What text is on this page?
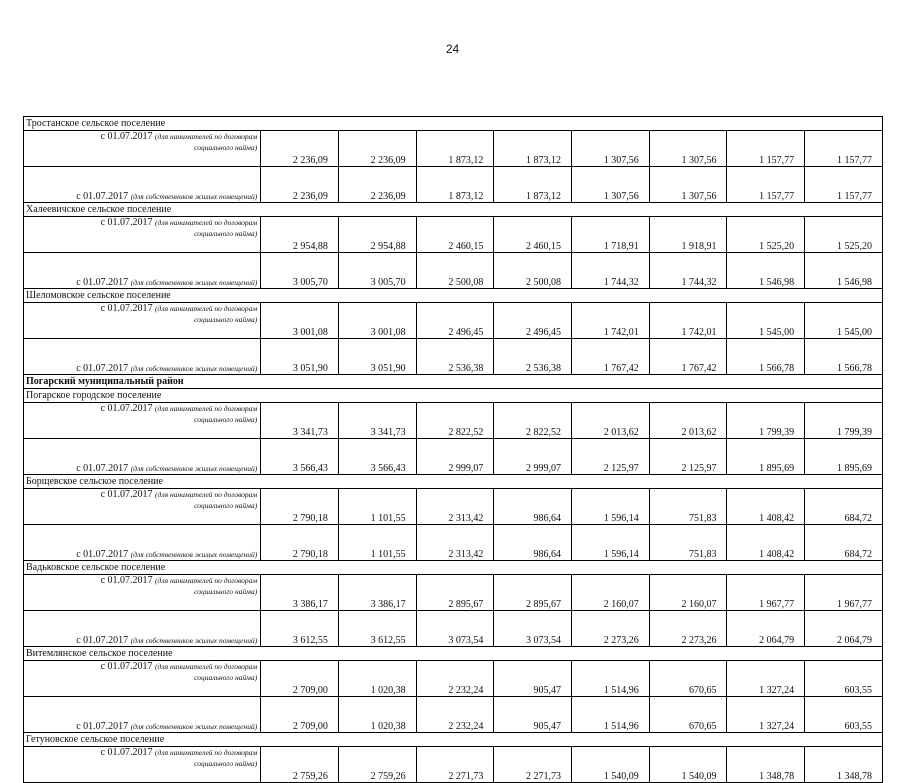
24
Тростанское сельское поселение								
с 01.07.2017 (для нанимателей по договорам
социального найма)	2 236,09	2 236,09	1 873,12	1 873,12	1 307,56	1 307,56	1 157,77	1 157,77
с 01.07.2017 (для собственников жилых помещений)	2 236,09	2 236,09	1 873,12	1 873,12	1 307,56	1 307,56	1 157,77	1 157,77
Халеевичское сельское поселение								
с 01.07.2017 (для нанимателей по договорам
социального найма)	2 954,88	2 954,88	2 460,15	2 460,15	1 718,91	1 918,91	1 525,20	1 525,20
с 01.07.2017 (для собственников жилых помещений)	3 005,70	3 005,70	2 500,08	2 500,08	1 744,32	1 744,32	1 546,98	1 546,98
Шеломовское сельское поселение								
с 01.07.2017 (для нанимателей по договорам
социального найма)	3 001,08	3 001,08	2 496,45	2 496,45	1 742,01	1 742,01	1 545,00	1 545,00
с 01.07.2017 (для собственников жилых помещений)	3 051,90	3 051,90	2 536,38	2 536,38	1 767,42	1 767,42	1 566,78	1 566,78
Погарский муниципальный район								
Погарское городское поселение								
с 01.07.2017 (для нанимателей по договорам
социального найма)	3 341,73	3 341,73	2 822,52	2 822,52	2 013,62	2 013,62	1 799,39	1 799,39
с 01.07.2017 (для собственников жилых помещений)	3 566,43	3 566,43	2 999,07	2 999,07	2 125,97	2 125,97	1 895,69	1 895,69
Борщевское сельское поселение								
с 01.07.2017 (для нанимателей по договорам
социального найма)	2 790,18	1 101,55	2 313,42	986,64	1 596,14	751,83	1 408,42	684,72
с 01.07.2017 (для собственников жилых помещений)	2 790,18	1 101,55	2 313,42	986,64	1 596,14	751,83	1 408,42	684,72
Вадьковское сельское поселение								
с 01.07.2017 (для нанимателей по договорам
социального найма)	3 386,17	3 386,17	2 895,67	2 895,67	2 160,07	2 160,07	1 967,77	1 967,77
с 01.07.2017 (для собственников жилых помещений)	3 612,55	3 612,55	3 073,54	3 073,54	2 273,26	2 273,26	2 064,79	2 064,79
Витемлянское сельское поселение								
с 01.07.2017 (для нанимателей по договорам
социального найма)	2 709,00	1 020,38	2 232,24	905,47	1 514,96	670,65	1 327,24	603,55
с 01.07.2017 (для собственников жилых помещений)	2 709,00	1 020,38	2 232,24	905,47	1 514,96	670,65	1 327,24	603,55
Гетуновское сельское поселение								
с 01.07.2017 (для нанимателей по договорам
социального найма)	2 759,26	2 759,26	2 271,73	2 271,73	1 540,09	1 540,09	1 348,78	1 348,78
